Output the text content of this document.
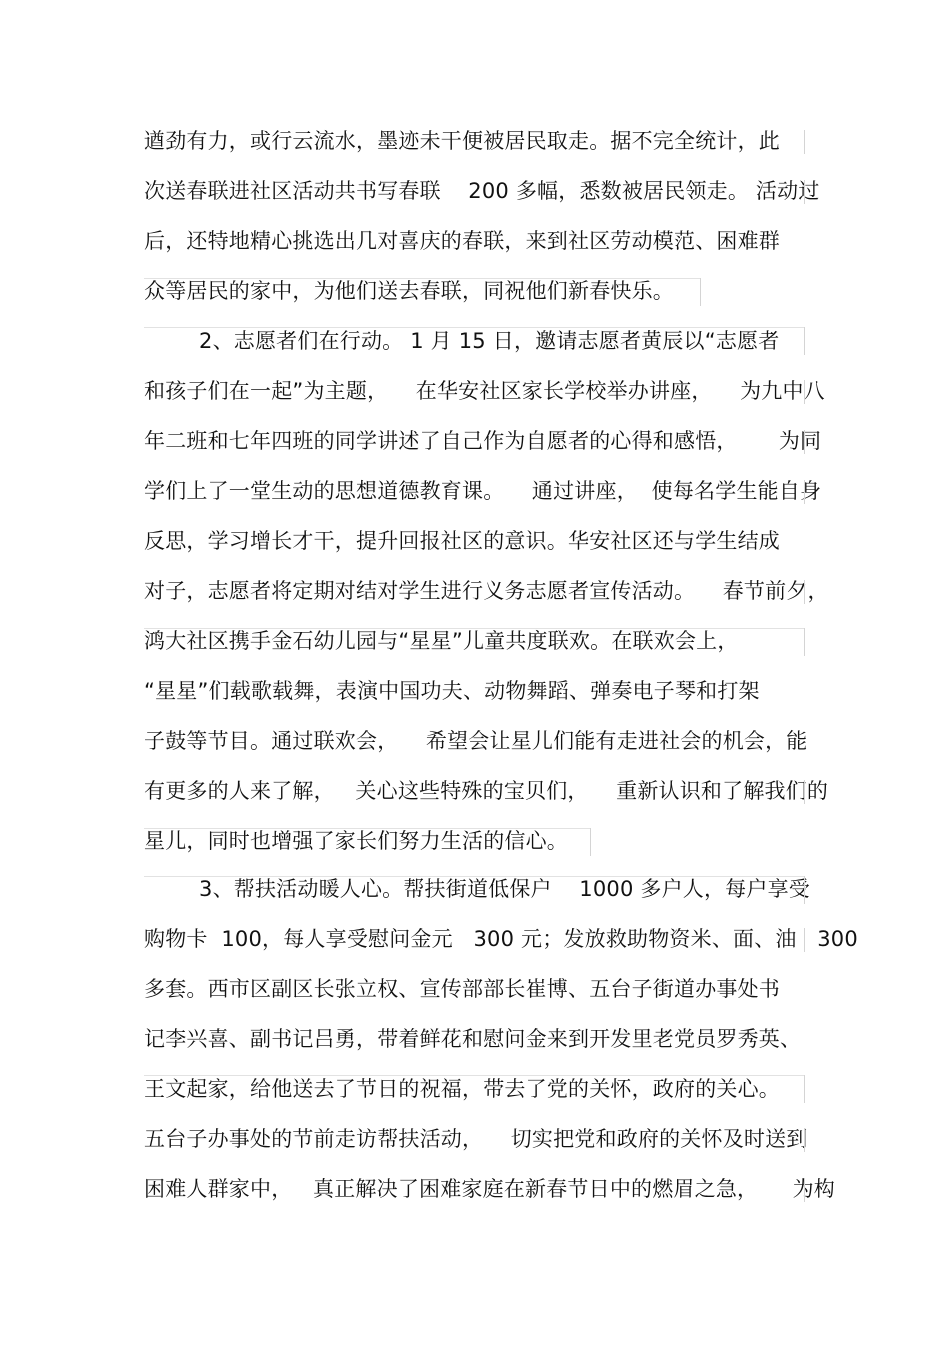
遒劲有力，或行云流水，墨迹未干便被居民取走。据不完全统计，此
次送春联进社区活动共书写春联    200 多幅，悉数被居民领走。 活动过
后，还特地精心挑选出几对喜庆的春联，来到社区劳动模范、困难群
众等居民的家中，为他们送去春联，同祝他们新春快乐。
2、志愿者们在行动。 1 月 15 日，邀请志愿者黄辰以“志愿者
和孩子们在一起”为主题，    在华安社区家长学校举办讲座，    为九中八
年二班和七年四班的同学讲述了自己作为自愿者的心得和感悟，      为同
学们上了一堂生动的思想道德教育课。    通过讲座，  使每名学生能自身
反思，学习增长才干，提升回报社区的意识。华安社区还与学生结成
对子，志愿者将定期对结对学生进行义务志愿者宣传活动。    春节前夕，
鸿大社区携手金石幼儿园与“星星”儿童共度联欢。在联欢会上，
“星星”们载歌载舞，表演中国功夫、动物舞蹈、弹奏电子琴和打架
子鼓等节目。通过联欢会，    希望会让星儿们能有走进社会的机会，能
有更多的人来了解，   关心这些特殊的宝贝们，    重新认识和了解我们的
星儿，同时也增强了家长们努力生活的信心。
3、帮扶活动暖人心。帮扶街道低保户    1000 多户人，每户享受
购物卡  100，每人享受慰问金元   300 元；发放救助物资米、面、油   300
多套。西市区副区长张立权、宣传部部长崔博、五台子街道办事处书
记李兴喜、副书记吕勇，带着鲜花和慰问金来到开发里老党员罗秀英、
王文起家，给他送去了节日的祝福，带去了党的关怀，政府的关心。
五台子办事处的节前走访帮扶活动，    切实把党和政府的关怀及时送到
困难人群家中，   真正解决了困难家庭在新春节日中的燃眉之急，     为构
